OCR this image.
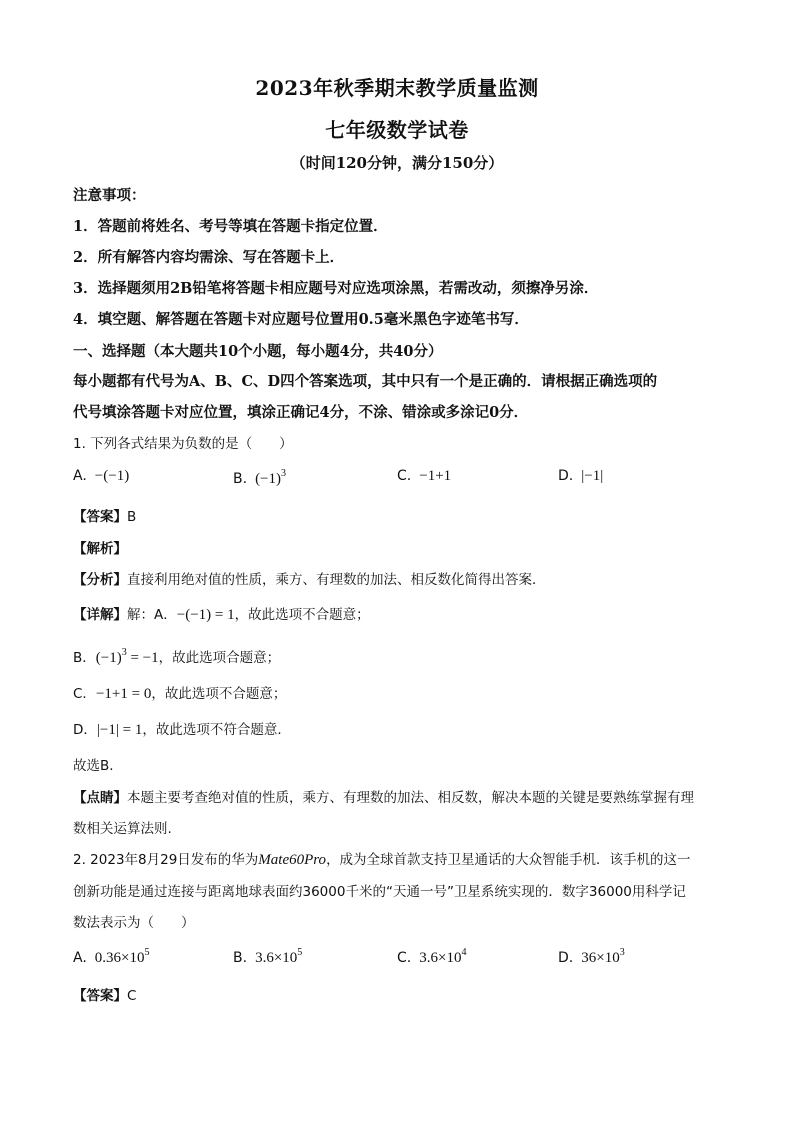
2023年秋季期末教学质量监测
七年级数学试卷
（时间120分钟，满分150分）
注意事项：
1．答题前将姓名、考号等填在答题卡指定位置．
2．所有解答内容均需涂、写在答题卡上．
3．选择题须用2B铅笔将答题卡相应题号对应选项涂黑，若需改动，须擦净另涂．
4．填空题、解答题在答题卡对应题号位置用0.5毫米黑色字迹笔书写．
一、选择题（本大题共10个小题，每小题4分，共40分）
每小题都有代号为A、B、C、D四个答案选项，其中只有一个是正确的．请根据正确选项的
代号填涂答题卡对应位置，填涂正确记4分，不涂、错涂或多涂记0分．
1. 下列各式结果为负数的是（　　）
A. −(−1)	B. $(-1)^3$	C. −1+1	D. |−1|
【答案】B
【解析】
【分析】直接利用绝对值的性质，乘方、有理数的加法、相反数化简得出答案．
【详解】解：A．−(−1) = 1，故此选项不合题意；
B．$(-1)^3 = -1$，故此选项合题意；
C．−1+1 = 0，故此选项不合题意；
D．|−1| = 1，故此选项不符合题意．
故选B．
【点睛】本题主要考查绝对值的性质，乘方、有理数的加法、相反数，解决本题的关键是要熟练掌握有理
数相关运算法则.
2. 2023年8月29日发布的华为Mate60Pro，成为全球首款支持卫星通话的大众智能手机．该手机的这一
创新功能是通过连接与距离地球表面约36000千米的“天通一号”卫星系统实现的．数字36000用科学记
数法表示为（　　）
A. $0.36\times 10^5$	B. $3.6\times 10^5$	C. $3.6\times 10^4$	D. $36\times 10^3$
【答案】C
